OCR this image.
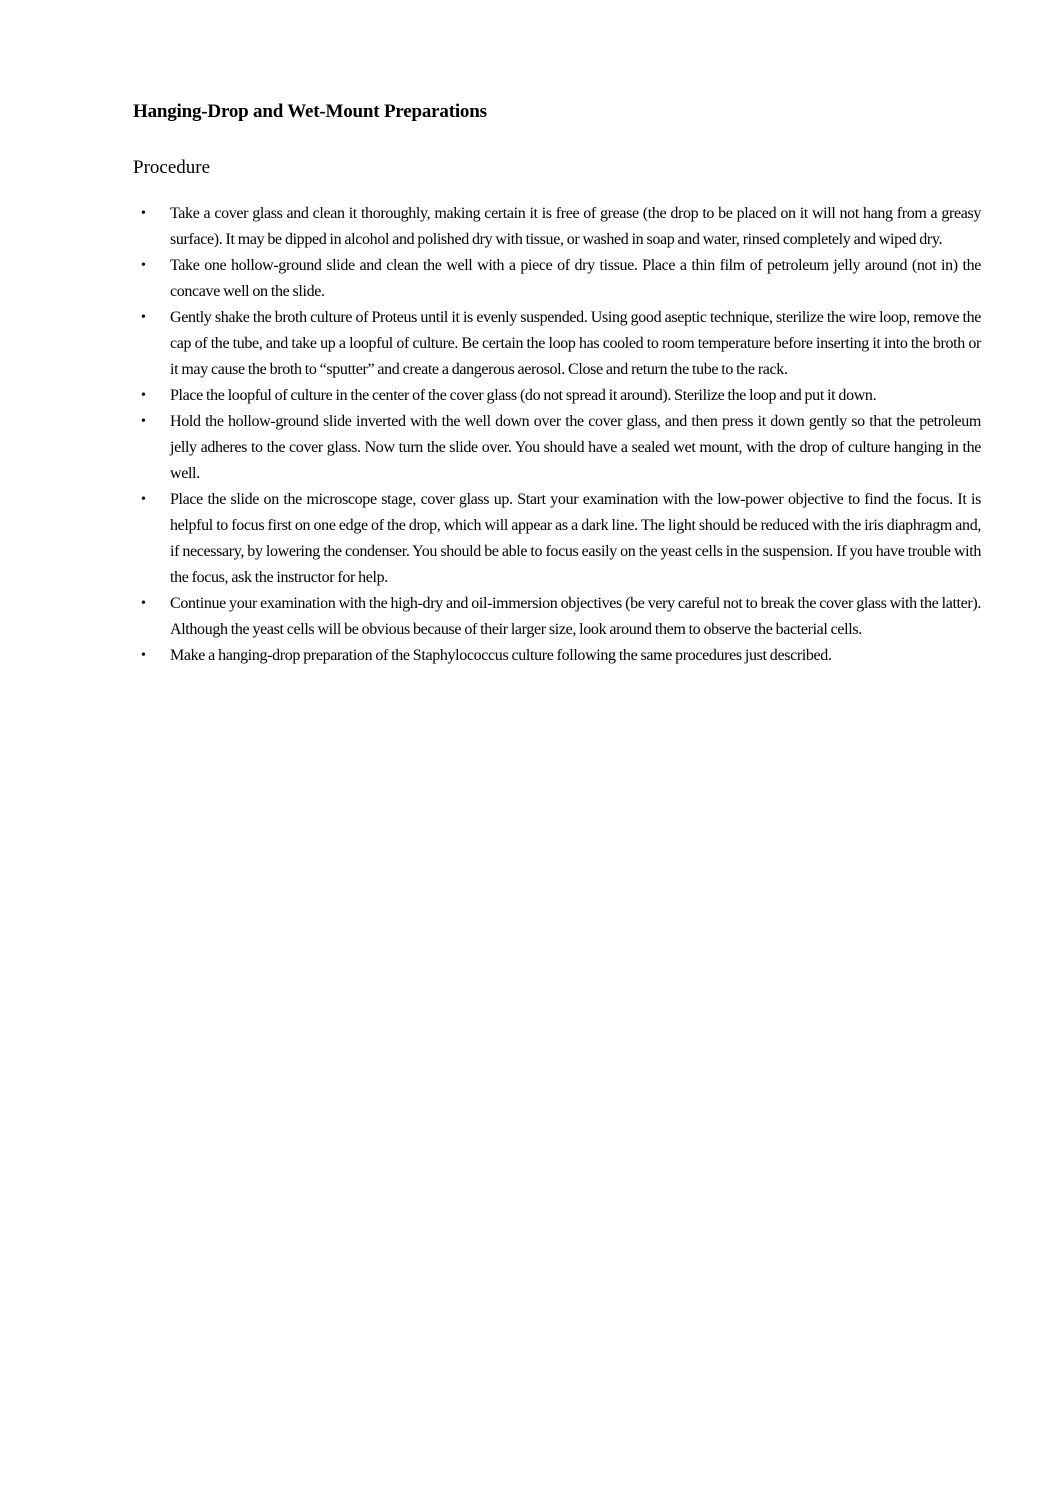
Hanging-Drop and Wet-Mount Preparations
Procedure
• Take a cover glass and clean it thoroughly, making certain it is free of grease (the drop to be placed on it will not hang from a greasy surface). It may be dipped in alcohol and polished dry with tissue, or washed in soap and water, rinsed completely and wiped dry.
• Take one hollow-ground slide and clean the well with a piece of dry tissue. Place a thin film of petroleum jelly around (not in) the concave well on the slide.
• Gently shake the broth culture of Proteus until it is evenly suspended. Using good aseptic technique, sterilize the wire loop, remove the cap of the tube, and take up a loopful of culture. Be certain the loop has cooled to room temperature before inserting it into the broth or it may cause the broth to “sputter” and create a dangerous aerosol. Close and return the tube to the rack.
• Place the loopful of culture in the center of the cover glass (do not spread it around). Sterilize the loop and put it down.
• Hold the hollow-ground slide inverted with the well down over the cover glass, and then press it down gently so that the petroleum jelly adheres to the cover glass. Now turn the slide over. You should have a sealed wet mount, with the drop of culture hanging in the well.
• Place the slide on the microscope stage, cover glass up. Start your examination with the low-power objective to find the focus. It is helpful to focus first on one edge of the drop, which will appear as a dark line. The light should be reduced with the iris diaphragm and, if necessary, by lowering the condenser. You should be able to focus easily on the yeast cells in the suspension. If you have trouble with the focus, ask the instructor for help.
• Continue your examination with the high-dry and oil-immersion objectives (be very careful not to break the cover glass with the latter). Although the yeast cells will be obvious because of their larger size, look around them to observe the bacterial cells.
• Make a hanging-drop preparation of the Staphylococcus culture following the same procedures just described.
